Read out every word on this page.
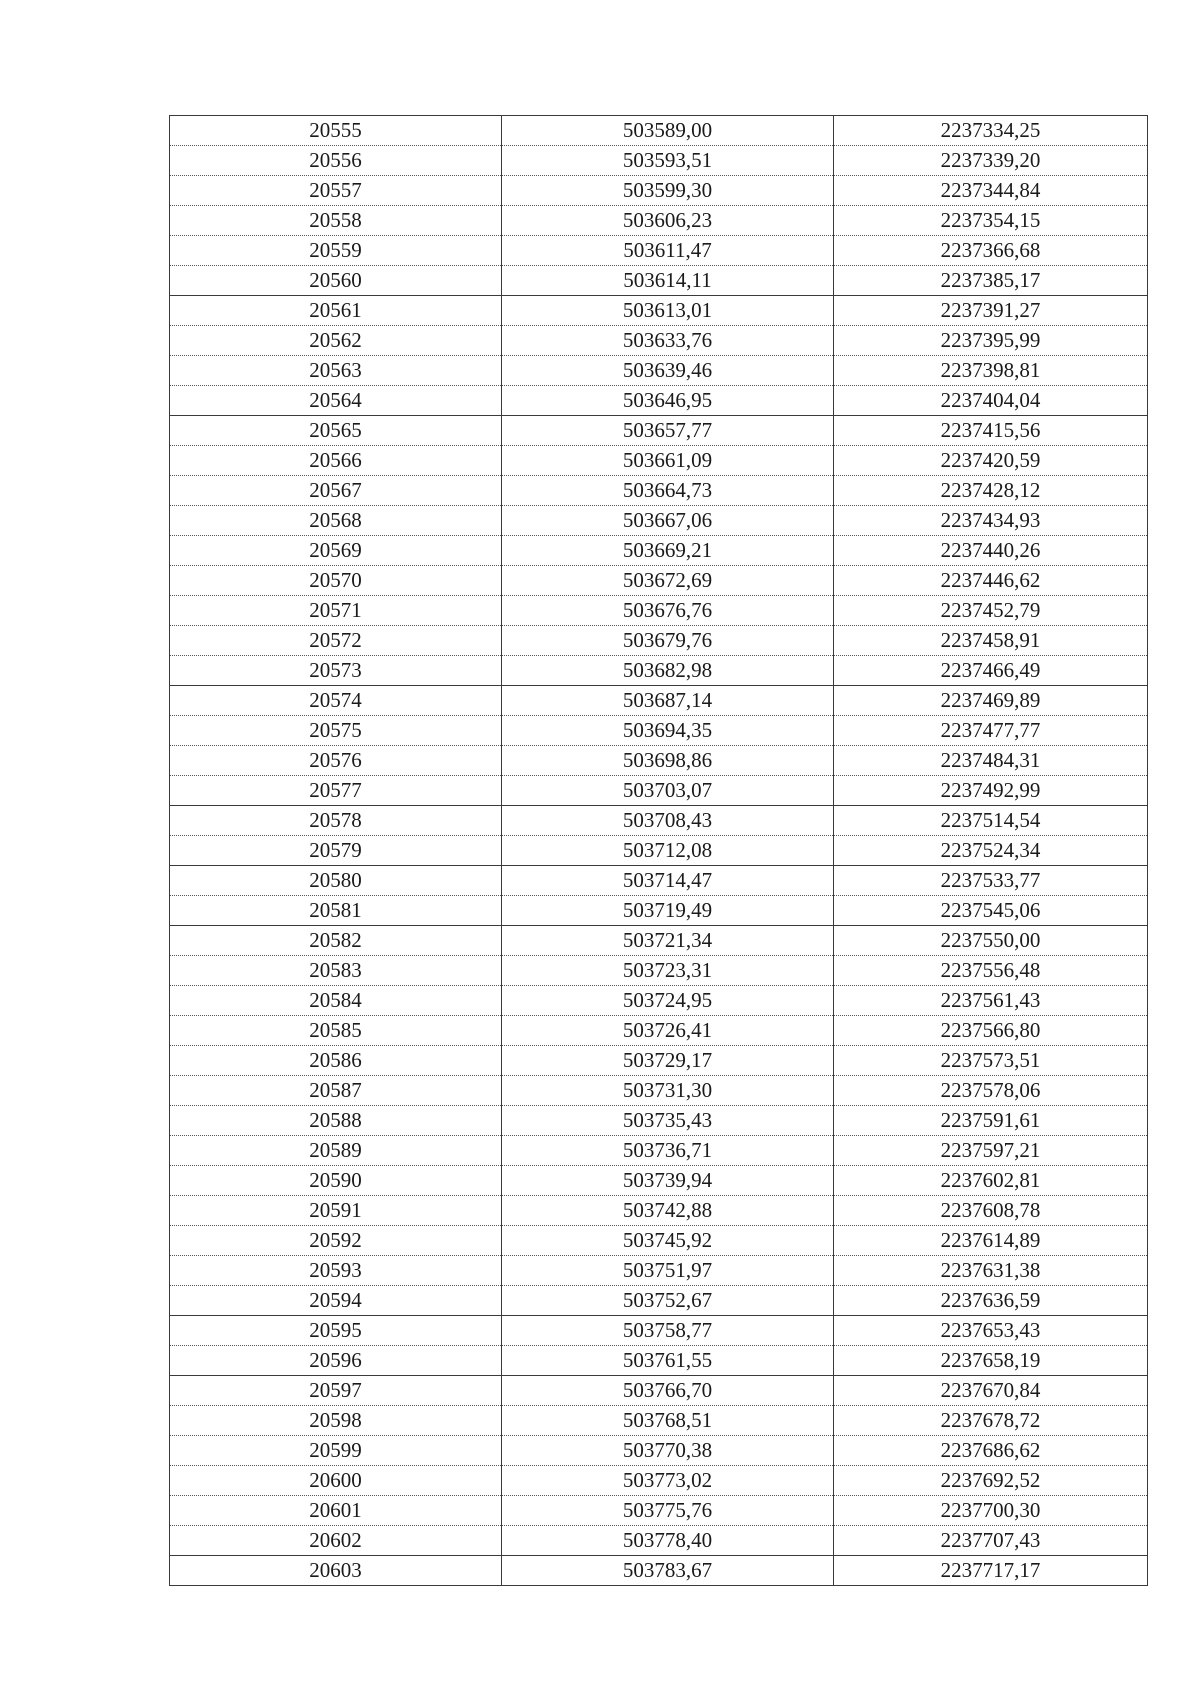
20555	503589,00	2237334,25
20556	503593,51	2237339,20
20557	503599,30	2237344,84
20558	503606,23	2237354,15
20559	503611,47	2237366,68
20560	503614,11	2237385,17
20561	503613,01	2237391,27
20562	503633,76	2237395,99
20563	503639,46	2237398,81
20564	503646,95	2237404,04
20565	503657,77	2237415,56
20566	503661,09	2237420,59
20567	503664,73	2237428,12
20568	503667,06	2237434,93
20569	503669,21	2237440,26
20570	503672,69	2237446,62
20571	503676,76	2237452,79
20572	503679,76	2237458,91
20573	503682,98	2237466,49
20574	503687,14	2237469,89
20575	503694,35	2237477,77
20576	503698,86	2237484,31
20577	503703,07	2237492,99
20578	503708,43	2237514,54
20579	503712,08	2237524,34
20580	503714,47	2237533,77
20581	503719,49	2237545,06
20582	503721,34	2237550,00
20583	503723,31	2237556,48
20584	503724,95	2237561,43
20585	503726,41	2237566,80
20586	503729,17	2237573,51
20587	503731,30	2237578,06
20588	503735,43	2237591,61
20589	503736,71	2237597,21
20590	503739,94	2237602,81
20591	503742,88	2237608,78
20592	503745,92	2237614,89
20593	503751,97	2237631,38
20594	503752,67	2237636,59
20595	503758,77	2237653,43
20596	503761,55	2237658,19
20597	503766,70	2237670,84
20598	503768,51	2237678,72
20599	503770,38	2237686,62
20600	503773,02	2237692,52
20601	503775,76	2237700,30
20602	503778,40	2237707,43
20603	503783,67	2237717,17
